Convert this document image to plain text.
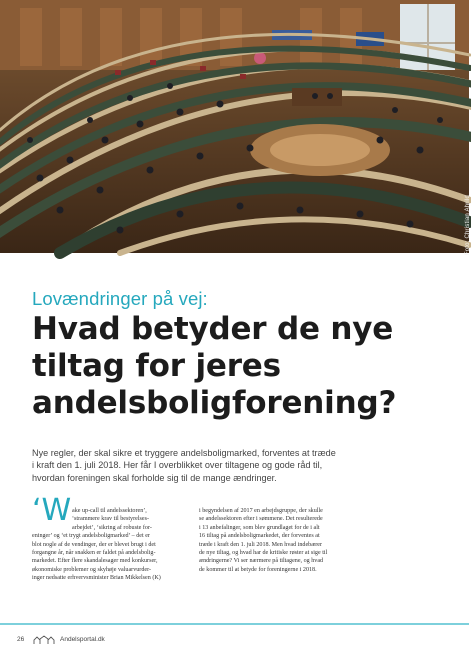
Foto: Christian Ahrild
Lovændringer på vej:
Hvad betyder de nye
tiltag for jeres
andelsboligforening?
Nye regler, der skal sikre et tryggere andelsboligmarked, forventes at træde
i kraft den 1. juli 2018. Her får I overblikket over tiltagene og gode råd til,
hvordan foreningen skal forholde sig til de mange ændringer.
‘W ake up-call til andelssektoren’,
‘strammere krav til bestyrelses-
arbejdet’, ‘sikring af robuste for-
eninger’ og ‘et trygt andelsboligmarked’ – det er
blot nogle af de vendinger, der er blevet brugt i det
forgangne år, når snakken er faldet på andelsbolig-
markedet. Efter flere skandalesager med konkurser,
økonomiske problemer og skyhøje valuarvurder-
inger nedsatte erhvervsminister Brian Mikkelsen (K)
i begyndelsen af 2017 en arbejdsgruppe, der skulle
se andelssektoren efter i sømmene. Det resulterede
i 13 anbefalinger, som blev grundlaget for de i alt
16 tiltag på andelsboligmarkedet, der forventes at
træde i kraft den 1. juli 2018. Men hvad indebærer
de nye tiltag, og hvad har de kritiske røster at sige til
ændringerne? Vi ser nærmere på tiltagene, og hvad
de kommer til at betyde for foreningerne i 2018.
26	Andelsportal.dk
